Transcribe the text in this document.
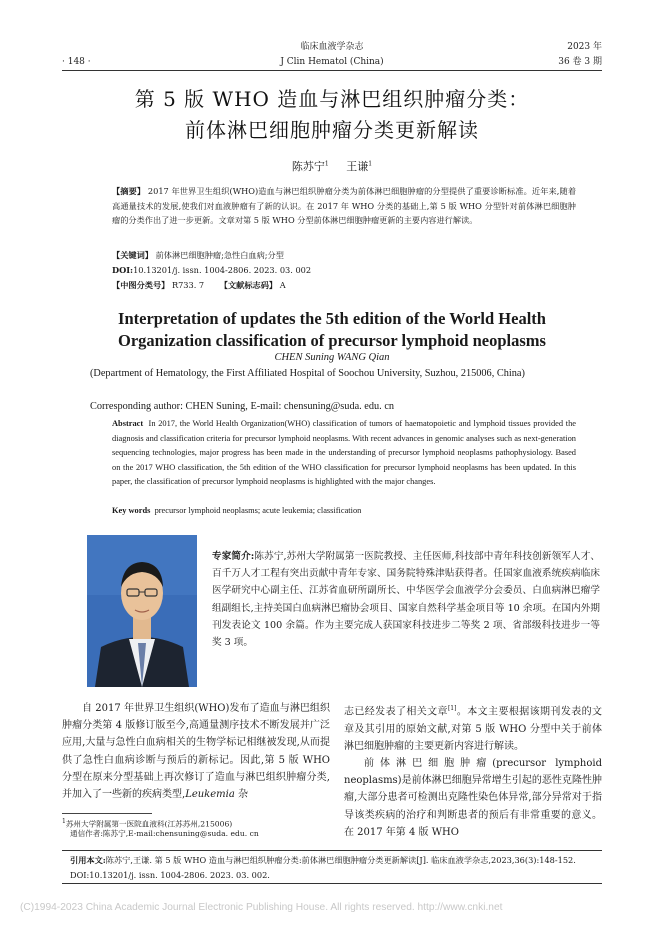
· 148 ·
临床血液学杂志
J Clin Hematol (China)
2023 年
36 卷 3 期
第 5 版 WHO 造血与淋巴组织肿瘤分类：
前体淋巴细胞肿瘤分类更新解读
陈苏宁$^1$ 王谦$^1$
【摘要】 2017 年世界卫生组织(WHO)造血与淋巴组织肿瘤分类为前体淋巴细胞肿瘤的分型提供了重要诊断标准。近年来,随着高通量技术的发展,使我们对血液肿瘤有了新的认识。在 2017 年 WHO 分类的基础上,第 5 版 WHO 分型针对前体淋巴细胞肿瘤的分类作出了进一步更新。文章对第 5 版 WHO 分型前体淋巴细胞肿瘤更新的主要内容进行解读。
【关键词】 前体淋巴细胞肿瘤;急性白血病;分型
DOI:10.13201/j. issn. 1004-2806. 2023. 03. 002
【中图分类号】 R733. 7 【文献标志码】 A
Interpretation of updates the 5th edition of the World Health
Organization classification of precursor lymphoid neoplasms
CHEN Suning WANG Qian
(Department of Hematology, the First Affiliated Hospital of Soochou University, Suzhou, 215006, China)
Corresponding author: CHEN Suning, E-mail: chensuning@suda. edu. cn
Abstract In 2017, the World Health Organization(WHO) classification of tumors of haematopoietic and lymphoid tissues provided the diagnosis and classification criteria for precursor lymphoid neoplasms. With recent advances in genomic analyses such as next-generation sequencing technologies, major progress has been made in the understanding of precursor lymphoid neoplasms pathophysiology. Based on the 2017 WHO classification, the 5th edition of the WHO classification for precursor lymphoid neoplasms has been updated. In this paper, the classification of precursor lymphoid neoplasms is highlighted with the major changes.
Key words precursor lymphoid neoplasms; acute leukemia; classification
专家简介:陈苏宁,苏州大学附属第一医院教授、主任医师,科技部中青年科技创新领军人才、百千万人才工程有突出贡献中青年专家、国务院特殊津贴获得者。任国家血液系统疾病临床医学研究中心副主任、江苏省血研所副所长、中华医学会血液学分会委员、白血病淋巴瘤学组副组长,主持美国白血病淋巴瘤协会项目、国家自然科学基金项目等 10 余项。在国内外期刊发表论文 100 余篇。作为主要完成人获国家科技进步二等奖 2 项、省部级科技进步一等奖 3 项。
自 2017 年世界卫生组织(WHO)发布了造血与淋巴组织肿瘤分类第 4 版修订版至今,高通量测序技术不断发展并广泛应用,大量与急性白血病相关的生物学标记相继被发现,从而提供了急性白血病诊断与预后的新标记。因此,第 5 版 WHO 分型在原来分型基础上再次修订了造血与淋巴组织肿瘤分类,并加入了一些新的疾病类型,Leukemia 杂
$^1$苏州大学附属第一医院血液科(江苏苏州,215006)
通信作者:陈苏宁,E-mail:chensuning@suda. edu. cn
志已经发表了相关文章[1]。本文主要根据该期刊发表的文章及其引用的原始文献,对第 5 版 WHO 分型中关于前体淋巴细胞肿瘤的主要更新内容进行解读。
前体淋巴细胞肿瘤(precursor lymphoid neoplasms)是前体淋巴细胞异常增生引起的恶性克隆性肿瘤,大部分患者可检测出克隆性染色体异常,部分异常对于指导该类疾病的治疗和判断患者的预后有非常重要的意义。在 2017 年第 4 版 WHO
引用本文:陈苏宁,王谦. 第 5 版 WHO 造血与淋巴组织肿瘤分类:前体淋巴细胞肿瘤分类更新解读[J]. 临床血液学杂志,2023,36(3):148-152. DOI:10.13201/j. issn. 1004-2806. 2023. 03. 002.
(C)1994-2023 China Academic Journal Electronic Publishing House. All rights reserved. http://www.cnki.net
